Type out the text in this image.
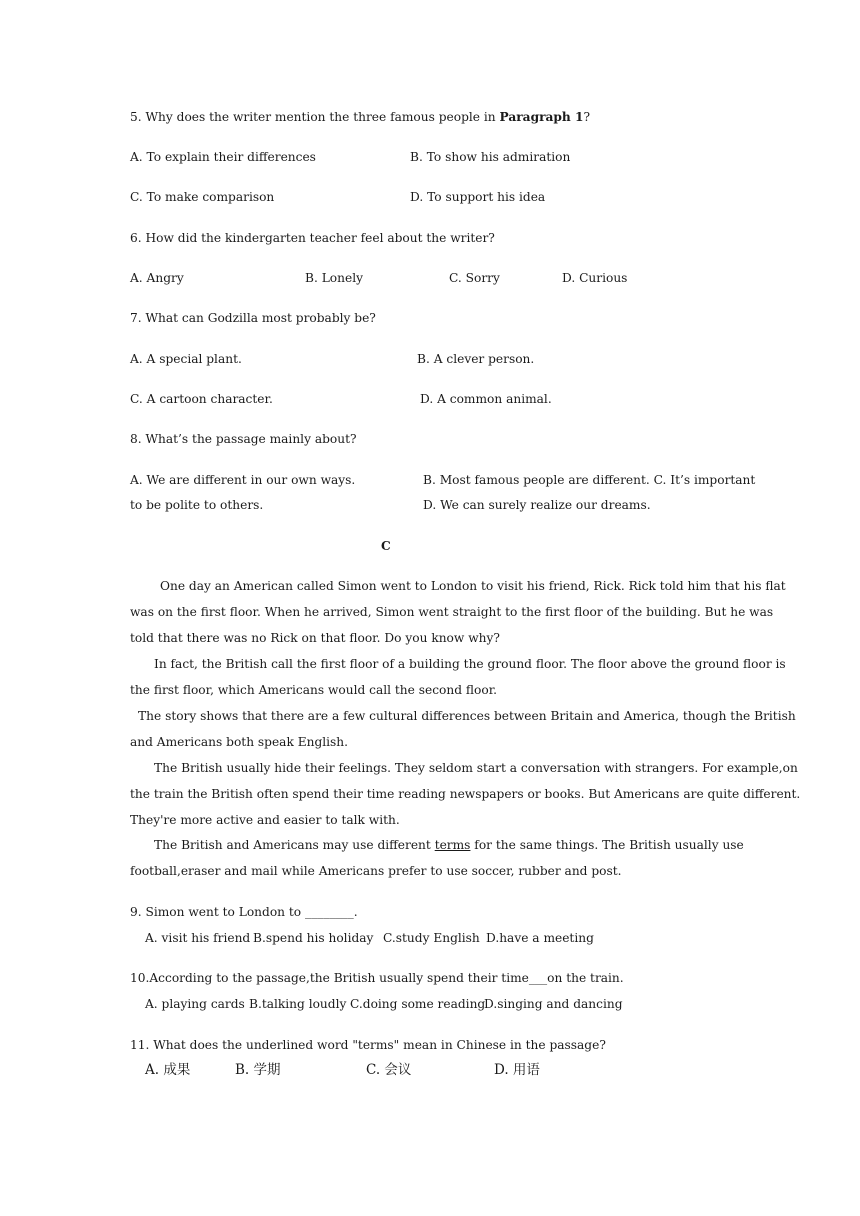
5. Why does the writer mention the three famous people in Paragraph 1?
A. To explain their differences	B. To show his admiration
C. To make comparison	D. To support his idea
6. How did the kindergarten teacher feel about the writer?
A. Angry	B. Lonely	C. Sorry	D. Curious
7. What can Godzilla most probably be?
A. A special plant.	B. A clever person.
C. A cartoon character.	D. A common animal.
8. What’s the passage mainly about?
A. We are different in our own ways.	B. Most famous people are different. C. It’s important
to be polite to others.	D. We can surely realize our dreams.
C
One day an American called Simon went to London to visit his friend, Rick. Rick told him that his flat
was on the first floor. When he arrived, Simon went straight to the first floor of the building. But he was
told that there was no Rick on that floor. Do you know why?
In fact, the British call the first floor of a building the ground floor. The floor above the ground floor is
the first floor, which Americans would call the second floor.
The story shows that there are a few cultural differences between Britain and America, though the British
and Americans both speak English.
The British usually hide their feelings. They seldom start a conversation with strangers. For example,on
the train the British often spend their time reading newspapers or books. But Americans are quite different.
They're more active and easier to talk with.
The British and Americans may use different terms for the same things. The British usually use
football,eraser and mail while Americans prefer to use soccer, rubber and post.
9. Simon went to London to ________.
A. visit his friend B.spend his holiday C.study English D.have a meeting
10.According to the passage,the British usually spend their time___on the train.
A. playing cards B.talking loudly C.doing some reading
D.singing and dancing
11. What does the underlined word "terms" mean in Chinese in the passage?
A. 成果	B. 学期	C. 会议	D. 用语
